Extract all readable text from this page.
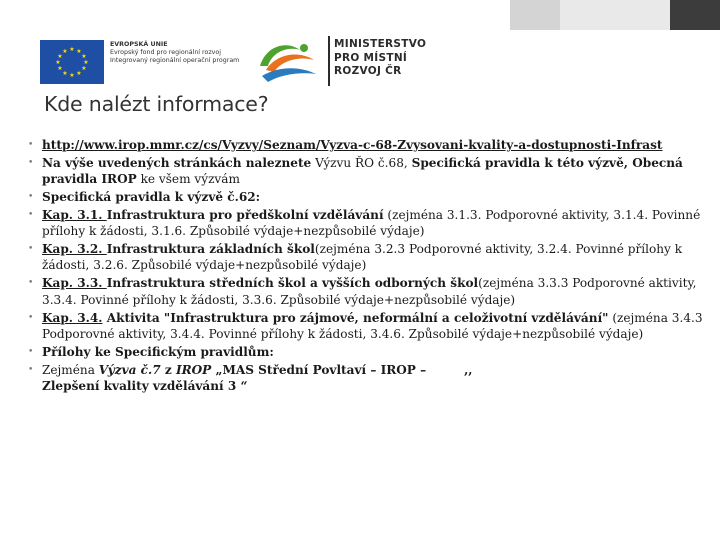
★ ★
★
★
★
★
★
★
★
★
★
★
EVROPSKÁ UNIE
Evropský fond pro regionální rozvoj
Integrovaný regionální operační program
MINISTERSTVO
PRO MÍSTNÍ
ROZVOJ ČR
Kde nalézt informace?
• http://www.irop.mmr.cz/cs/Vyzvy/Seznam/Vyzva-c-68-Zvysovani-kvality-a-dostupnosti-Infrast
• Na výše uvedených stránkách naleznete Výzvu ŘO č.68, Specifická pravidla k této výzvě, Obecná pravidla IROP ke všem výzvám
• Specifická pravidla k výzvě č.62:
• Kap. 3.1. Infrastruktura pro předškolní vzdělávání (zejména 3.1.3. Podporovné aktivity, 3.1.4. Povinné přílohy k žádosti, 3.1.6. Způsobilé výdaje+nezpůsobilé výdaje)
• Kap. 3.2. Infrastruktura základních škol(zejména 3.2.3 Podporovné aktivity, 3.2.4. Povinné přílohy k žádosti, 3.2.6. Způsobilé výdaje+nezpůsobilé výdaje)
• Kap. 3.3. Infrastruktura středních škol a vyšších odborných škol(zejména 3.3.3 Podporovné aktivity, 3.3.4. Povinné přílohy k žádosti, 3.3.6. Způsobilé výdaje+nezpůsobilé výdaje)
• Kap. 3.4. Aktivita "Infrastruktura pro zájmové, neformální a celoživotní vzdělávání" (zejména 3.4.3 Podporovné aktivity, 3.4.4. Povinné přílohy k žádosti, 3.4.6. Způsobilé výdaje+nezpůsobilé výdaje)
• Přílohy ke Specifickým pravidlům:
• Zejména Výzva č.7 z IROP „MAS Střední Povltaví – IROP –         ,,
Zlepšení kvality vzdělávání 3 “
